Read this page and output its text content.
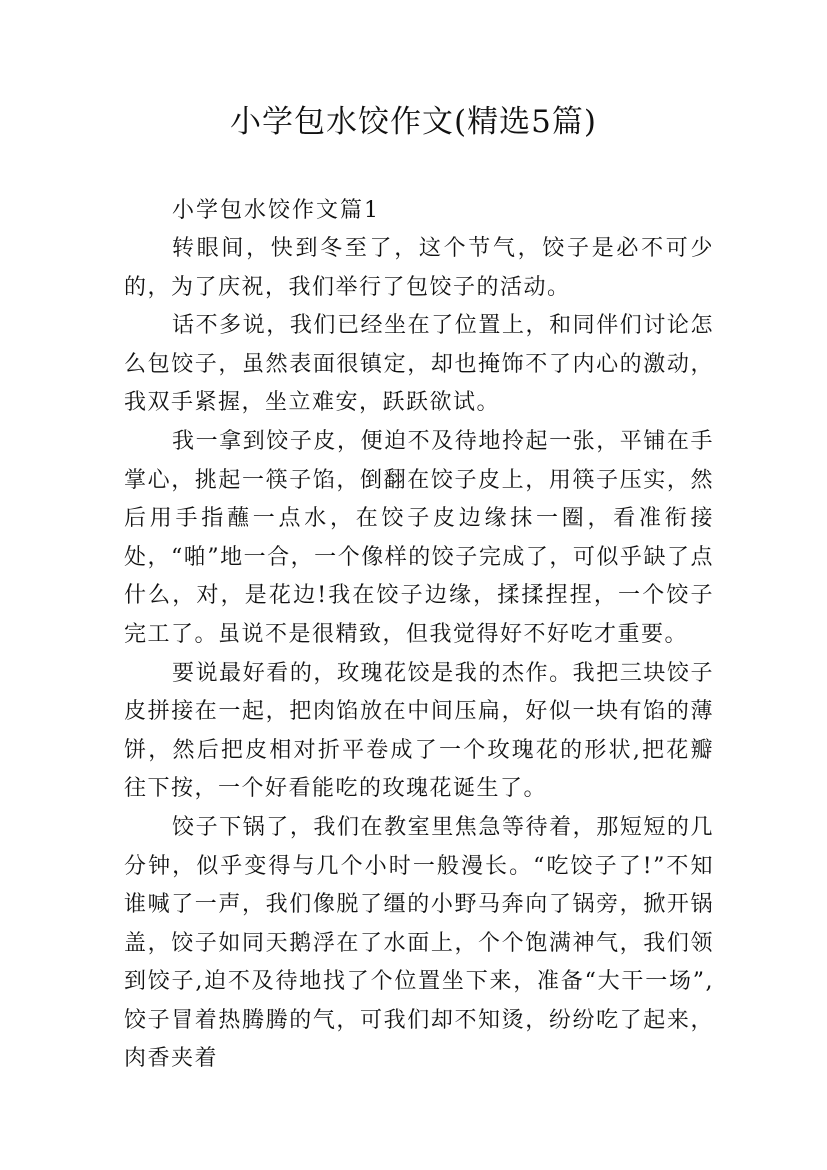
小学包水饺作文(精选5篇)

小学包水饺作文篇1

转眼间，快到冬至了，这个节气，饺子是必不可少的，为了庆祝，我们举行了包饺子的活动。

话不多说，我们已经坐在了位置上，和同伴们讨论怎么包饺子，虽然表面很镇定，却也掩饰不了内心的激动，我双手紧握，坐立难安，跃跃欲试。

我一拿到饺子皮，便迫不及待地拎起一张，平铺在手掌心，挑起一筷子馅，倒翻在饺子皮上，用筷子压实，然后用手指蘸一点水，在饺子皮边缘抹一圈，看准衔接处，“啪”地一合，一个像样的饺子完成了，可似乎缺了点什么，对，是花边!我在饺子边缘，揉揉捏捏，一个饺子完工了。虽说不是很精致，但我觉得好不好吃才重要。

要说最好看的，玫瑰花饺是我的杰作。我把三块饺子皮拼接在一起，把肉馅放在中间压扁，好似一块有馅的薄饼，然后把皮相对折平卷成了一个玫瑰花的形状,把花瓣往下按，一个好看能吃的玫瑰花诞生了。

饺子下锅了，我们在教室里焦急等待着，那短短的几分钟，似乎变得与几个小时一般漫长。“吃饺子了!”不知谁喊了一声，我们像脱了缰的小野马奔向了锅旁，掀开锅盖，饺子如同天鹅浮在了水面上，个个饱满神气，我们领到饺子,迫不及待地找了个位置坐下来，准备“大干一场”,饺子冒着热腾腾的气，可我们却不知烫，纷纷吃了起来，肉香夹着
